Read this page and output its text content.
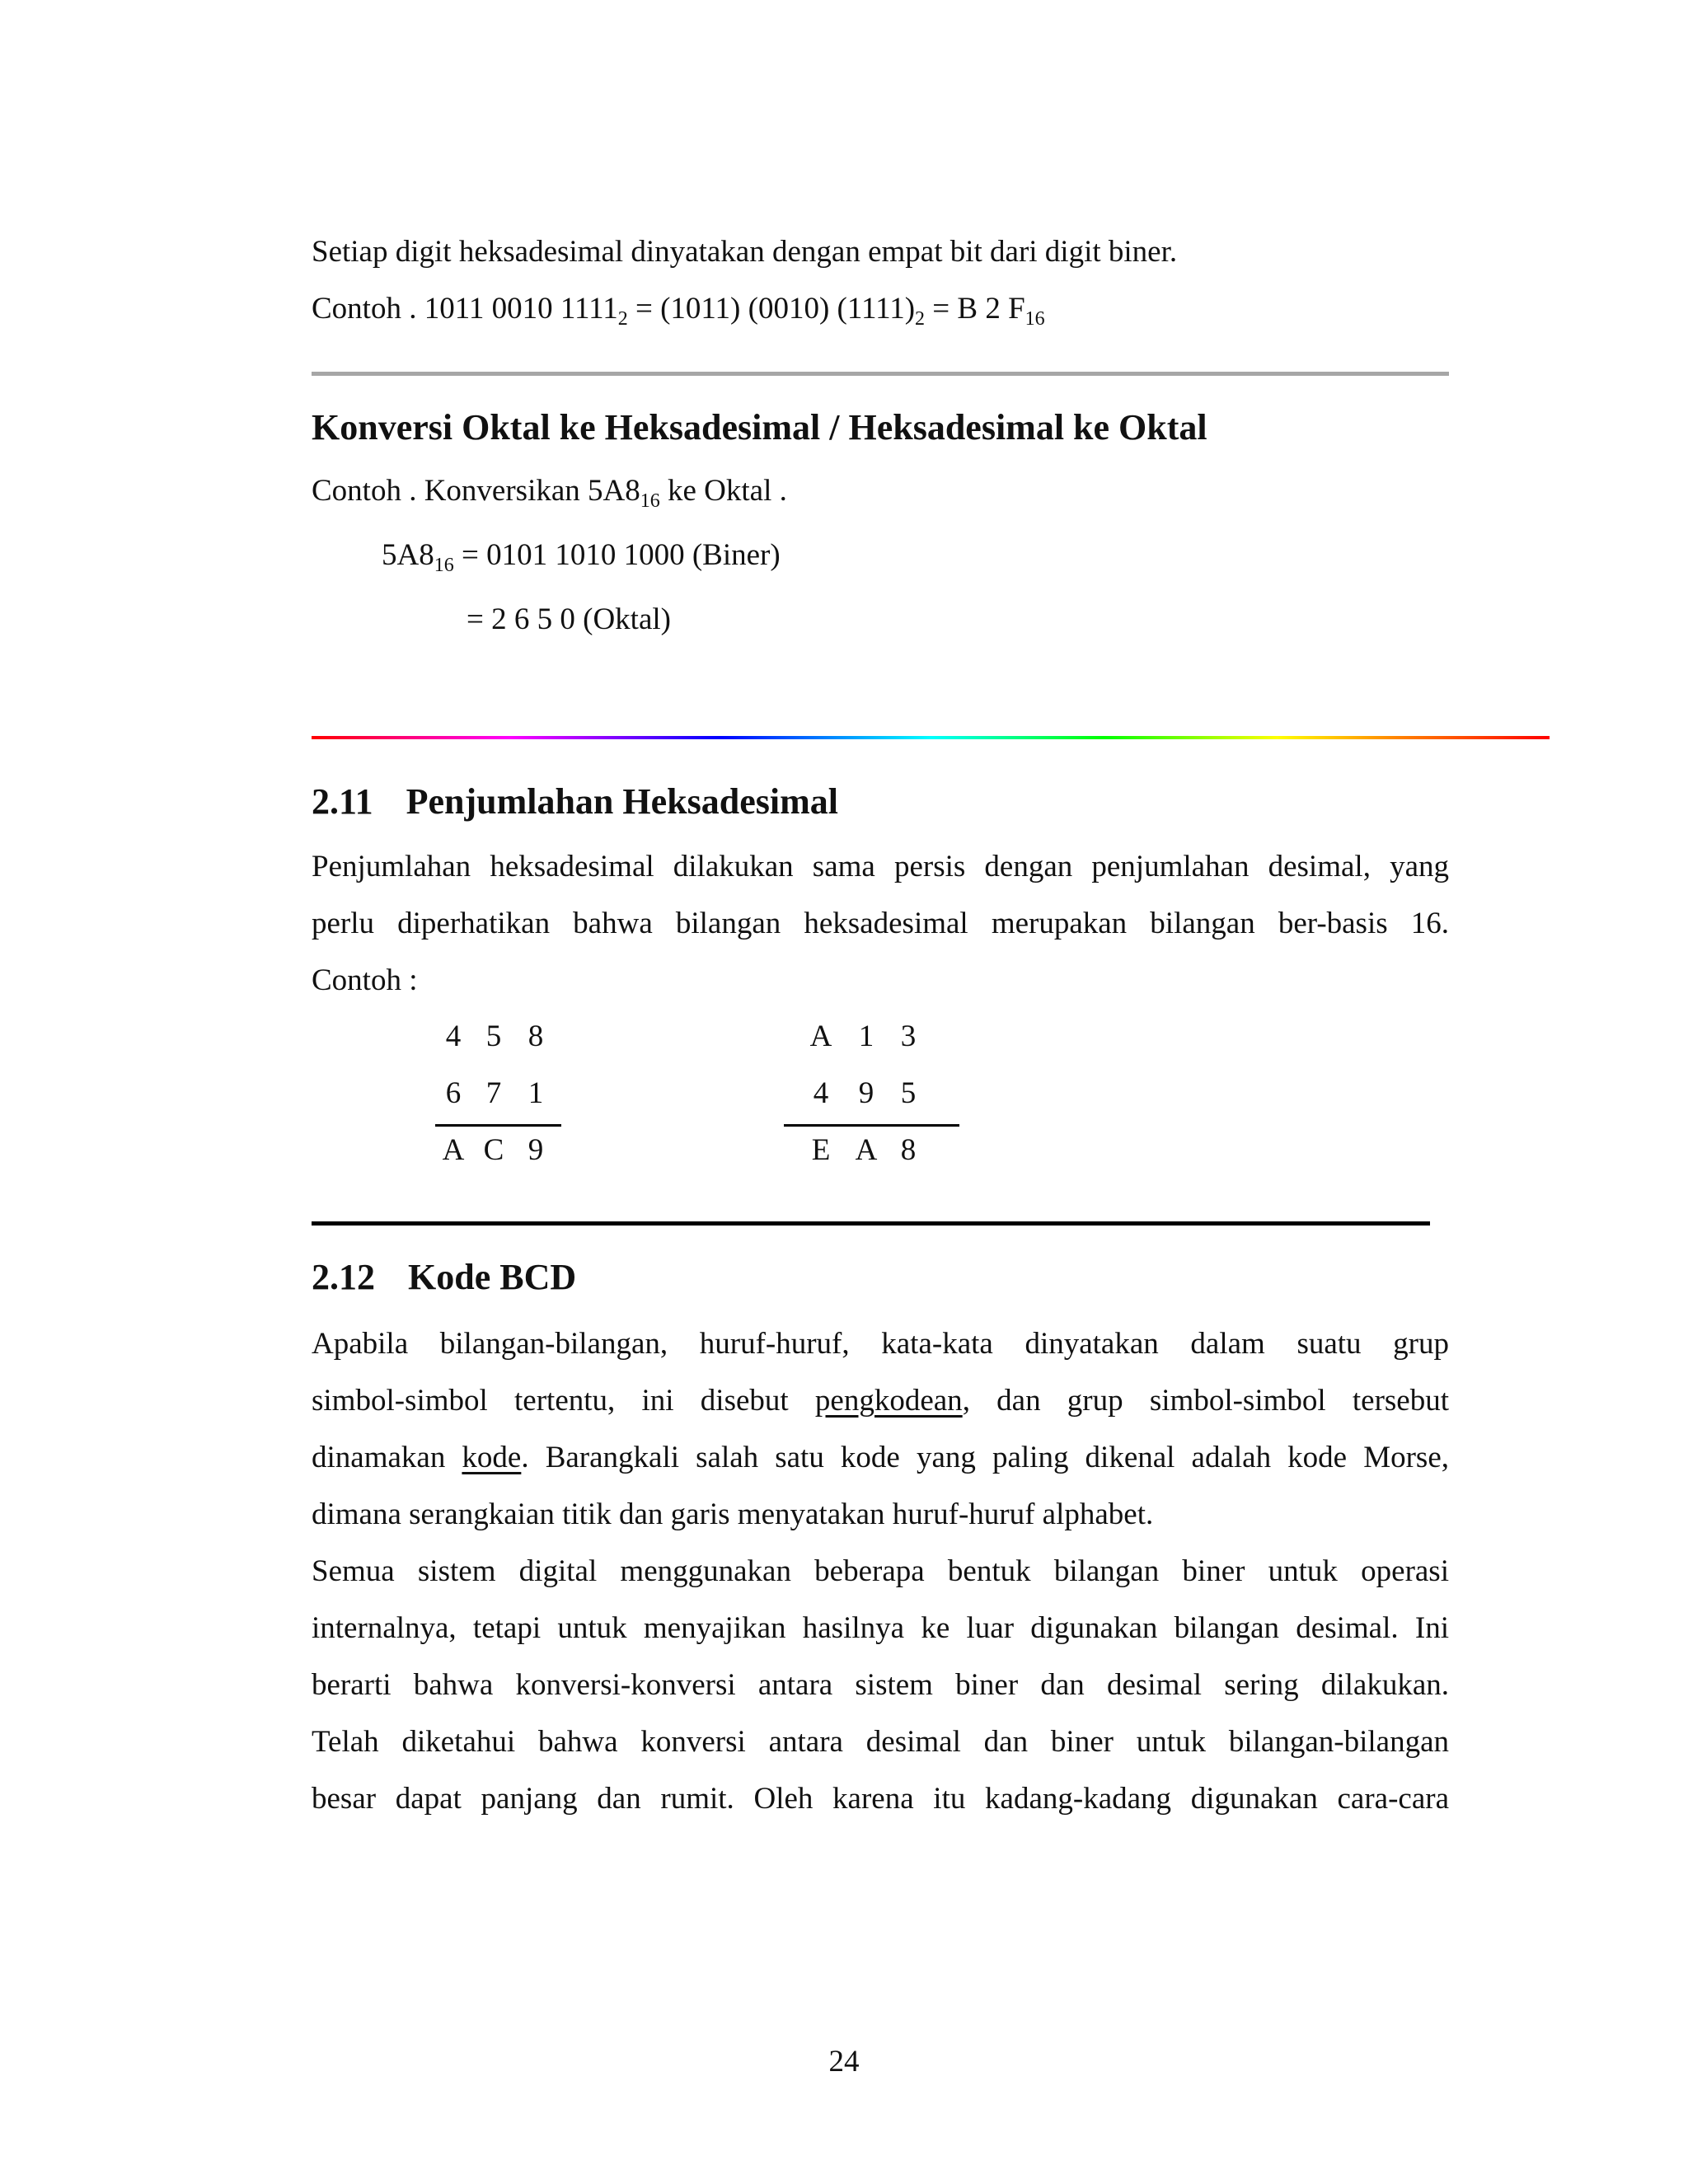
Setiap digit heksadesimal dinyatakan dengan empat bit dari digit biner.
Contoh . 1011 0010 $1111_2 = (1011)$ (0010) $(1111)_2 = B$ 2 $F_{16}$
Konversi Oktal ke Heksadesimal / Heksadesimal ke Oktal
Contoh . Konversikan $5A8_{16}$ ke Oktal .
$5A8_{16} = 0101$ 1010 1000 (Biner)
= 2 6 5 0 (Oktal)
2.11 Penjumlahan Heksadesimal
Penjumlahan heksadesimal dilakukan sama persis dengan penjumlahan desimal, yang
perlu diperhatikan bahwa bilangan heksadesimal merupakan bilangan ber-basis 16.
Contoh :
4 5 8
6 7 1
A C 9
A 1 3
4 9 5
E A 8
2.12 Kode BCD
Apabila bilangan-bilangan, huruf-huruf, kata-kata dinyatakan dalam suatu grup
simbol-simbol tertentu, ini disebut pengkodean, dan grup simbol-simbol tersebut
dinamakan kode. Barangkali salah satu kode yang paling dikenal adalah kode Morse,
dimana serangkaian titik dan garis menyatakan huruf-huruf alphabet.
Semua sistem digital menggunakan beberapa bentuk bilangan biner untuk operasi
internalnya, tetapi untuk menyajikan hasilnya ke luar digunakan bilangan desimal. Ini
berarti bahwa konversi-konversi antara sistem biner dan desimal sering dilakukan.
Telah diketahui bahwa konversi antara desimal dan biner untuk bilangan-bilangan
besar dapat panjang dan rumit. Oleh karena itu kadang-kadang digunakan cara-cara
24
